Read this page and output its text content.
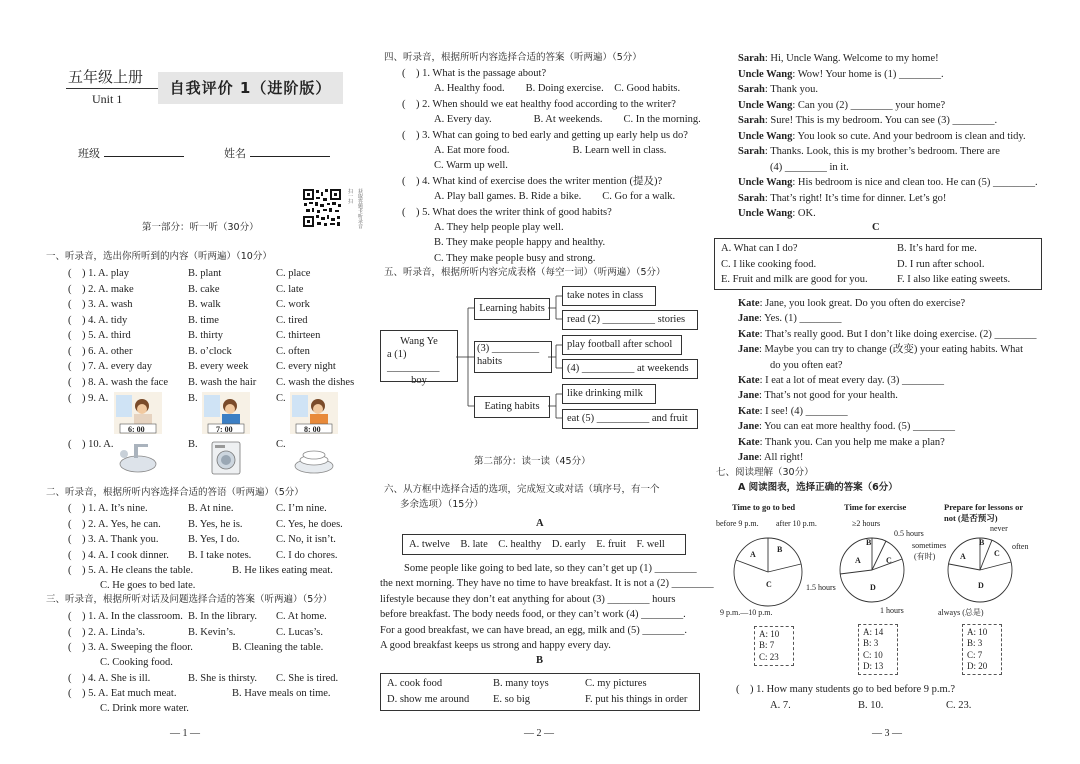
五年级上册
Unit 1
自我评价 1（进阶版）
班级	姓名
扫一扫
获取答题卡 听录音
第一部分：听一听（30分）
一、听录音，选出你所听到的内容（听两遍）（10分）
(　) 1. A. play	B. plant	C. place
(　) 2. A. make	B. cake	C. late
(　) 3. A. wash	B. walk	C. work
(　) 4. A. tidy	B. time	C. tired
(　) 5. A. third	B. thirty	C. thirteen
(　) 6. A. other	B. o’clock	C. often
(　) 7. A. every day	B. every week	C. every night
(　) 8. A. wash the face B. wash the hair C. wash the dishes
(　) 9. A.	B.	C.
6: 00	7: 00	8: 00
(　) 10. A.	B.	C.
二、听录音，根据所听内容选择合适的答语（听两遍）（5分）
(　) 1. A. It’s nine.	B. At nine.	C. I’m nine.
(　) 2. A. Yes, he can.	B. Yes, he is.	C. Yes, he does.
(　) 3. A. Thank you.	B. Yes, I do.	C. No, it isn’t.
(　) 4. A. I cook dinner. B. I take notes. C. I do chores.
(　) 5. A. He cleans the table.	B. He likes eating meat.
C. He goes to bed late.
三、听录音，根据所听对话及问题选择合适的答案（听两遍）（5分）
(　) 1. A. In the classroom. B. In the library. C. At home.
(　) 2. A. Linda’s.	B. Kevin’s.	C. Lucas’s.
(　) 3. A. Sweeping the floor.	B. Cleaning the table.
C. Cooking food.
(　) 4. A. She is ill.	B. She is thirsty. C. She is tired.
(　) 5. A. Eat much meat.	B. Have meals on time.
C. Drink more water.
— 1 —
四、听录音，根据所听内容选择合适的答案（听两遍）（5分）
(　) 1. What is the passage about?
A. Healthy food.　　B. Doing exercise.　C. Good habits.
(　) 2. When should we eat healthy food according to the writer?
A. Every day.　　　　B. At weekends.　　C. In the morning.
(　) 3. What can going to bed early and getting up early help us do?
A. Eat more food.　　　　　　B. Learn well in class.
C. Warm up well.
(　) 4. What kind of exercise does the writer mention (提及)?
A. Play ball games. B. Ride a bike.　　C. Go for a walk.
(　) 5. What does the writer think of good habits?
A. They help people play well.
B. They make people happy and healthy.
C. They make people busy and strong.
五、听录音，根据所听内容完成表格（每空一词）（听两遍）（5分）
Wang Ye
a (1) __________
boy
Learning habits
(3) _________
habits
Eating habits
take notes in class
read (2) __________ stories
play football after school
(4) __________ at weekends
like drinking milk
eat (5) __________ and fruit
第二部分：读一读（45分）
六、从方框中选择合适的选项，完成短文或对话（填序号，有一个
多余选项）（15分）
A
A. twelve　B. late　C. healthy　D. early　E. fruit　F. well
Some people like going to bed late, so they can’t get up (1) ________
the next morning. They have no time to have breakfast. It is not a (2) ________
lifestyle because they don’t eat anything for about (3) ________ hours
before breakfast. The body needs food, or they can’t work (4) ________.
For a good breakfast, we can have bread, an egg, milk and (5) ________.
A good breakfast keeps us strong and happy every day.
B
A. cook food	B. many toys	C. my pictures
D. show me around E. so big	F. put his things in order
— 2 —
Sarah: Hi, Uncle Wang. Welcome to my home!
Uncle Wang: Wow! Your home is (1) ________.
Sarah: Thank you.
Uncle Wang: Can you (2) ________ your home?
Sarah: Sure! This is my bedroom. You can see (3) ________.
Uncle Wang: You look so cute. And your bedroom is clean and tidy.
Sarah: Thanks. Look, this is my brother’s bedroom. There are
(4) ________ in it.
Uncle Wang: His bedroom is nice and clean too. He can (5) ________.
Sarah: That’s right! It’s time for dinner. Let’s go!
Uncle Wang: OK.
C
A. What can I do?	B. It’s hard for me.
C. I like cooking food.	D. I run after school.
E. Fruit and milk are good for you.	F. I also like eating sweets.
Kate: Jane, you look great. Do you often do exercise?
Jane: Yes. (1) ________
Kate: That’s really good. But I don’t like doing exercise. (2) ________
Jane: Maybe you can try to change (改变) your eating habits. What
do you often eat?
Kate: I eat a lot of meat every day. (3) ________
Jane: That’s not good for your health.
Kate: I see! (4) ________
Jane: You can eat more healthy food. (5) ________
Kate: Thank you. Can you help me make a plan?
Jane: All right!
七、阅读理解（30分）
A 阅读图表，选择正确的答案（6分）
Time to go to bed	Time for exercise	Prepare for lessons or
not (是否预习)
A
B
C
A
B
C
D
A
B
C
D
before 9 p.m. after 10 p.m.
9 p.m.—10 p.m.
≥2 hours
0.5 hours
1.5 hours
1 hours
never
sometimes
(有时)
often
always (总是)
A: 10
B: 7
C: 23
A: 14
B: 3
C: 10
D: 13
A: 10
B: 3
C: 7
D: 20
(　) 1. How many students go to bed before 9 p.m.?
A. 7.	B. 10.	C. 23.
— 3 —
